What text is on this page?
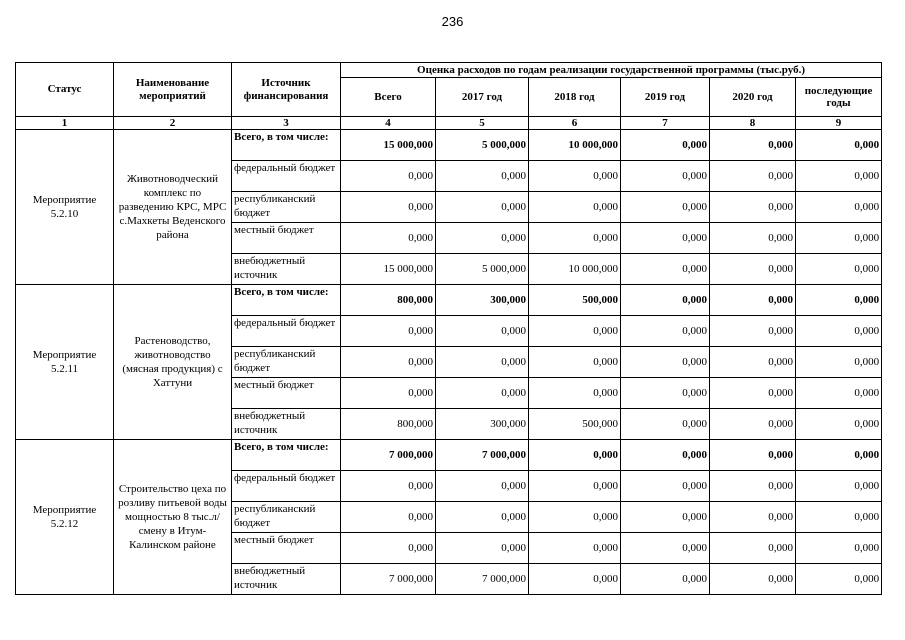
236
Статус	Наименование мероприятий	Источник финансирования	Оценка расходов по годам реализации государственной программы (тыс.руб.)					
			Всего	2017 год	2018 год	2019 год	2020 год	последующие годы
1	2	3	4	5	6	7	8	9
Мероприятие 5.2.10	Животноводческий комплекс по разведению КРС, МРС с.Махкеты Веденского района	Всего, в том числе:	15 000,000	5 000,000	10 000,000	0,000	0,000	0,000
		федеральный бюджет	0,000	0,000	0,000	0,000	0,000	0,000
		республиканский бюджет	0,000	0,000	0,000	0,000	0,000	0,000
		местный бюджет	0,000	0,000	0,000	0,000	0,000	0,000
		внебюджетный источник	15 000,000	5 000,000	10 000,000	0,000	0,000	0,000
Мероприятие 5.2.11	Растеноводство, животноводство (мясная продукция) с Хаттуни	Всего, в том числе:	800,000	300,000	500,000	0,000	0,000	0,000
		федеральный бюджет	0,000	0,000	0,000	0,000	0,000	0,000
		республиканский бюджет	0,000	0,000	0,000	0,000	0,000	0,000
		местный бюджет	0,000	0,000	0,000	0,000	0,000	0,000
		внебюджетный источник	800,000	300,000	500,000	0,000	0,000	0,000
Мероприятие 5.2.12	Строительство цеха по розливу питьевой воды мощностью 8 тыс.л/смену в Итум-Калинском районе	Всего, в том числе:	7 000,000	7 000,000	0,000	0,000	0,000	0,000
		федеральный бюджет	0,000	0,000	0,000	0,000	0,000	0,000
		республиканский бюджет	0,000	0,000	0,000	0,000	0,000	0,000
		местный бюджет	0,000	0,000	0,000	0,000	0,000	0,000
		внебюджетный источник	7 000,000	7 000,000	0,000	0,000	0,000	0,000
